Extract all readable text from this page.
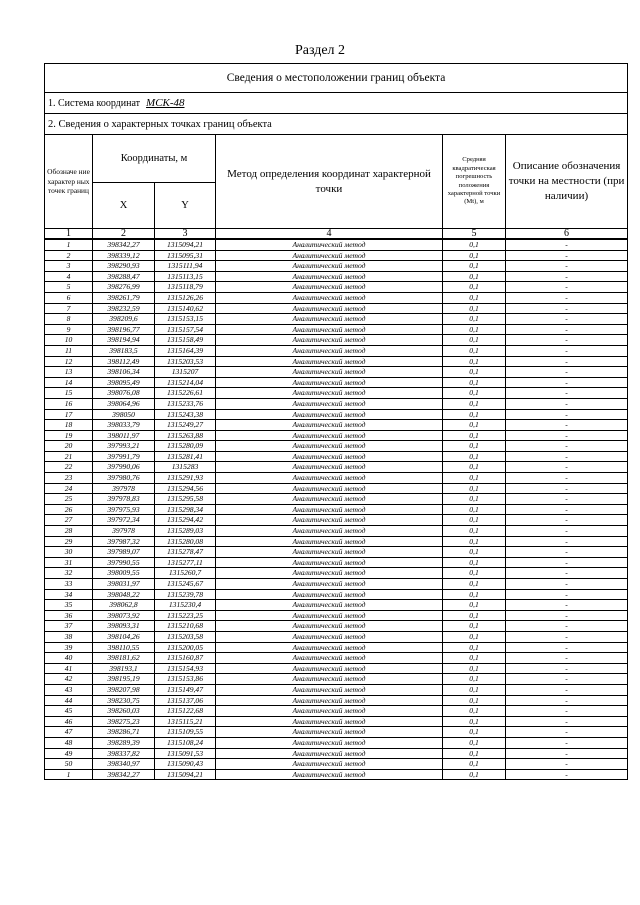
Раздел 2
Сведения о местоположении границ объекта					
1. Система координат МСК-48					
2. Сведения о характерных точках границ объекта					
Обозначе ние характер ных точек границ	Координаты, м		Метод определения координат характерной точки	Средняя квадратическая погрешность положения характерной точки (Mt), м	Описание обозначения точки на местности (при наличии)
	X	Y			
1	2	3	4	5	6
1	398342,27	1315094,21	Аналитический метод	0,1	-
2	398339,12	1315095,31	Аналитический метод	0,1	-
3	398290,93	1315111,94	Аналитический метод	0,1	-
4	398288,47	1315113,15	Аналитический метод	0,1	-
5	398276,99	1315118,79	Аналитический метод	0,1	-
6	398261,79	1315126,26	Аналитический метод	0,1	-
7	398232,59	1315140,62	Аналитический метод	0,1	-
8	398209,6	1315153,15	Аналитический метод	0,1	-
9	398196,77	1315157,54	Аналитический метод	0,1	-
10	398194,94	1315158,49	Аналитический метод	0,1	-
11	398183,5	1315164,39	Аналитический метод	0,1	-
12	398112,49	1315203,53	Аналитический метод	0,1	-
13	398106,34	1315207	Аналитический метод	0,1	-
14	398095,49	1315214,04	Аналитический метод	0,1	-
15	398076,08	1315226,61	Аналитический метод	0,1	-
16	398064,96	1315233,76	Аналитический метод	0,1	-
17	398050	1315243,38	Аналитический метод	0,1	-
18	398033,79	1315249,27	Аналитический метод	0,1	-
19	398011,97	1315263,88	Аналитический метод	0,1	-
20	397993,21	1315280,09	Аналитический метод	0,1	-
21	397991,79	1315281,41	Аналитический метод	0,1	-
22	397990,06	1315283	Аналитический метод	0,1	-
23	397980,76	1315291,93	Аналитический метод	0,1	-
24	397978	1315294,56	Аналитический метод	0,1	-
25	397978,83	1315295,58	Аналитический метод	0,1	-
26	397975,93	1315298,34	Аналитический метод	0,1	-
27	397972,34	1315294,42	Аналитический метод	0,1	-
28	397978	1315289,03	Аналитический метод	0,1	-
29	397987,32	1315280,08	Аналитический метод	0,1	-
30	397989,07	1315278,47	Аналитический метод	0,1	-
31	397990,55	1315277,11	Аналитический метод	0,1	-
32	398009,55	1315260,7	Аналитический метод	0,1	-
33	398031,97	1315245,67	Аналитический метод	0,1	-
34	398048,22	1315239,78	Аналитический метод	0,1	-
35	398062,8	1315230,4	Аналитический метод	0,1	-
36	398073,92	1315223,25	Аналитический метод	0,1	-
37	398093,31	1315210,68	Аналитический метод	0,1	-
38	398104,26	1315203,58	Аналитический метод	0,1	-
39	398110,55	1315200,05	Аналитический метод	0,1	-
40	398181,62	1315160,87	Аналитический метод	0,1	-
41	398193,1	1315154,93	Аналитический метод	0,1	-
42	398195,19	1315153,86	Аналитический метод	0,1	-
43	398207,98	1315149,47	Аналитический метод	0,1	-
44	398230,75	1315137,06	Аналитический метод	0,1	-
45	398260,03	1315122,68	Аналитический метод	0,1	-
46	398275,23	1315115,21	Аналитический метод	0,1	-
47	398286,71	1315109,55	Аналитический метод	0,1	-
48	398289,39	1315108,24	Аналитический метод	0,1	-
49	398337,82	1315091,53	Аналитический метод	0,1	-
50	398340,97	1315090,43	Аналитический метод	0,1	-
1	398342,27	1315094,21	Аналитический метод	0,1	-
